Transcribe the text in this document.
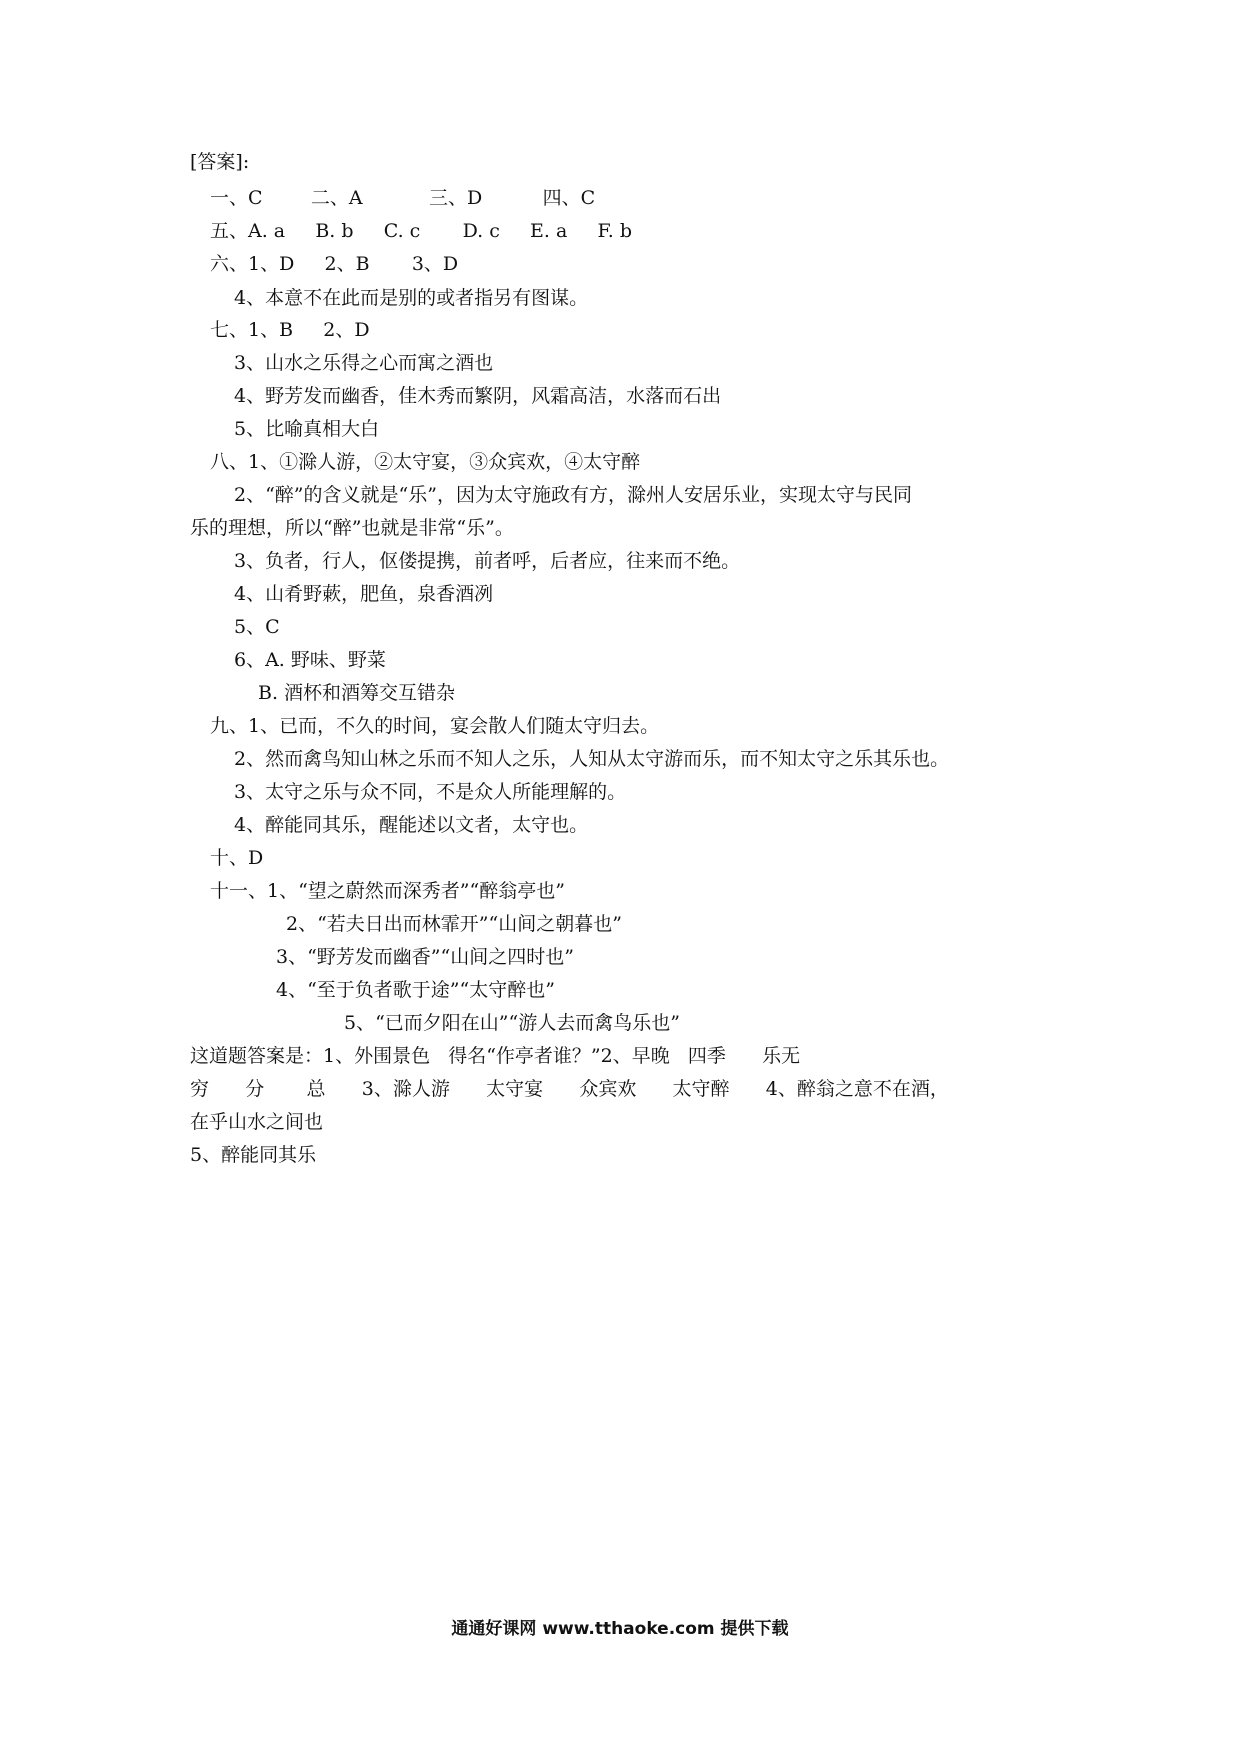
[答案]:
一、C        二、A           三、D          四、C
五、A. a     B. b     C. c       D. c     E. a     F. b
六、1、D     2、B       3、D
4、本意不在此而是别的或者指另有图谋。
七、1、B     2、D
3、山水之乐得之心而寓之酒也
4、野芳发而幽香，佳木秀而繁阴，风霜高洁，水落而石出
5、比喻真相大白
八、1、①滁人游，②太守宴，③众宾欢，④太守醉
2、“醉”的含义就是“乐”，因为太守施政有方，滁州人安居乐业，实现太守与民同
乐的理想，所以“醉”也就是非常“乐”。
3、负者，行人，伛偻提携，前者呼，后者应，往来而不绝。
4、山肴野蔌，肥鱼，泉香酒冽
5、C
6、A. 野味、野菜
B. 酒杯和酒筹交互错杂
九、1、已而，不久的时间，宴会散人们随太守归去。
2、然而禽鸟知山林之乐而不知人之乐，人知从太守游而乐，而不知太守之乐其乐也。
3、太守之乐与众不同，不是众人所能理解的。
4、醉能同其乐，醒能述以文者，太守也。
十、D
十一、1、“望之蔚然而深秀者”“醉翁亭也”
2、“若夫日出而林霏开”“山间之朝暮也”
3、“野芳发而幽香”“山间之四时也”
4、“至于负者歌于途”“太守醉也”
5、“已而夕阳在山”“游人去而禽鸟乐也”
这道题答案是：1、外围景色   得名“作亭者谁？”2、早晚   四季      乐无
穷      分       总      3、滁人游      太守宴      众宾欢      太守醉      4、醉翁之意不在酒，
在乎山水之间也
5、醉能同其乐
通通好课网 www.tthaoke.com 提供下载
